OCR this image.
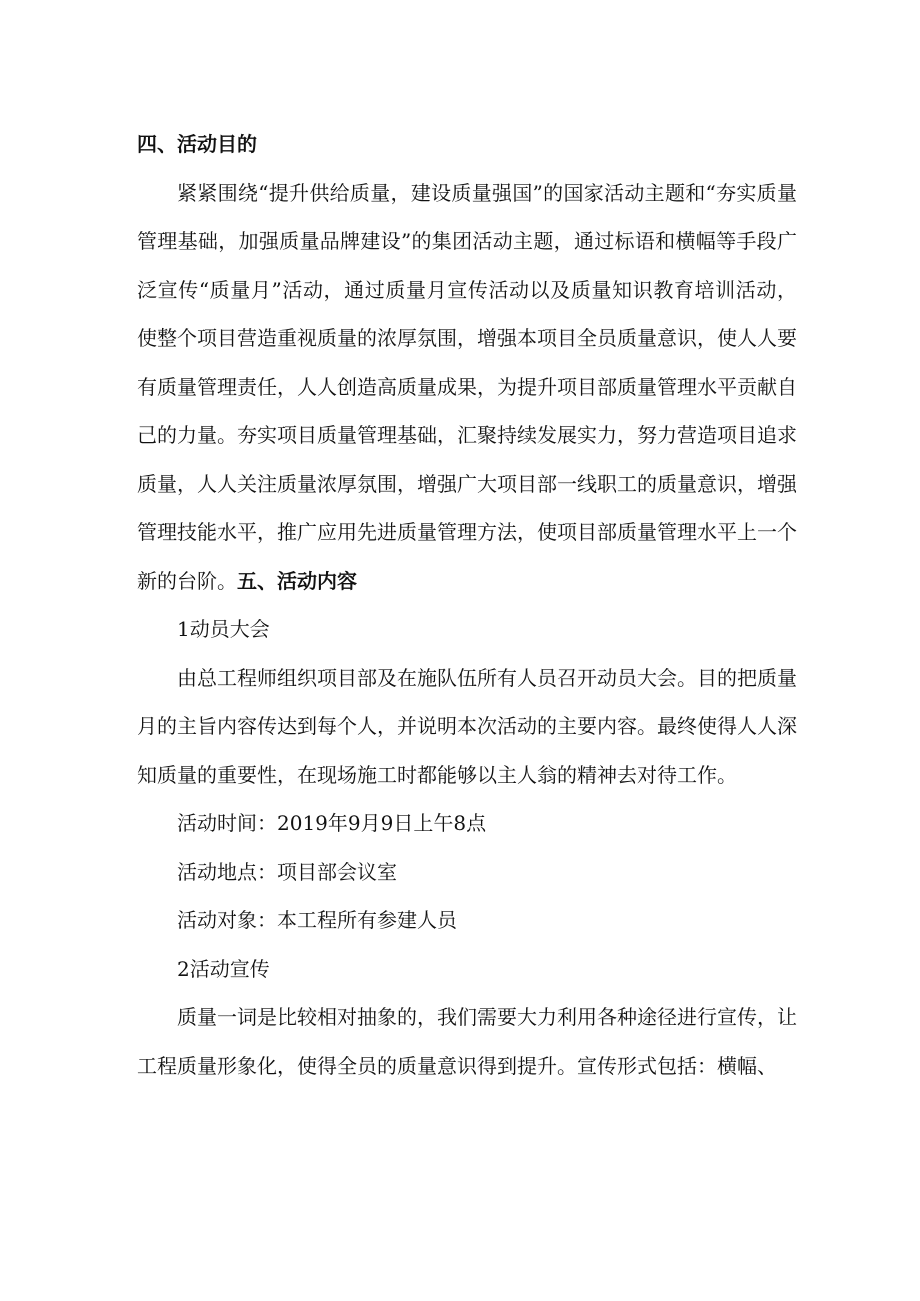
四、活动目的

紧紧围绕“提升供给质量，建设质量强国”的国家活动主题和“夯实质量管理基础，加强质量品牌建设”的集团活动主题，通过标语和横幅等手段广泛宣传“质量月”活动，通过质量月宣传活动以及质量知识教育培训活动，使整个项目营造重视质量的浓厚氛围，增强本项目全员质量意识，使人人要有质量管理责任，人人创造高质量成果，为提升项目部质量管理水平贡献自己的力量。夯实项目质量管理基础，汇聚持续发展实力，努力营造项目追求质量，人人关注质量浓厚氛围，增强广大项目部一线职工的质量意识，增强管理技能水平，推广应用先进质量管理方法，使项目部质量管理水平上一个新的台阶。五、活动内容

1动员大会

由总工程师组织项目部及在施队伍所有人员召开动员大会。目的把质量月的主旨内容传达到每个人，并说明本次活动的主要内容。最终使得人人深知质量的重要性，在现场施工时都能够以主人翁的精神去对待工作。

活动时间：2019年9月9日上午8点

活动地点：项目部会议室

活动对象：本工程所有参建人员

2活动宣传

质量一词是比较相对抽象的，我们需要大力利用各种途径进行宣传，让工程质量形象化，使得全员的质量意识得到提升。宣传形式包括：横幅、
